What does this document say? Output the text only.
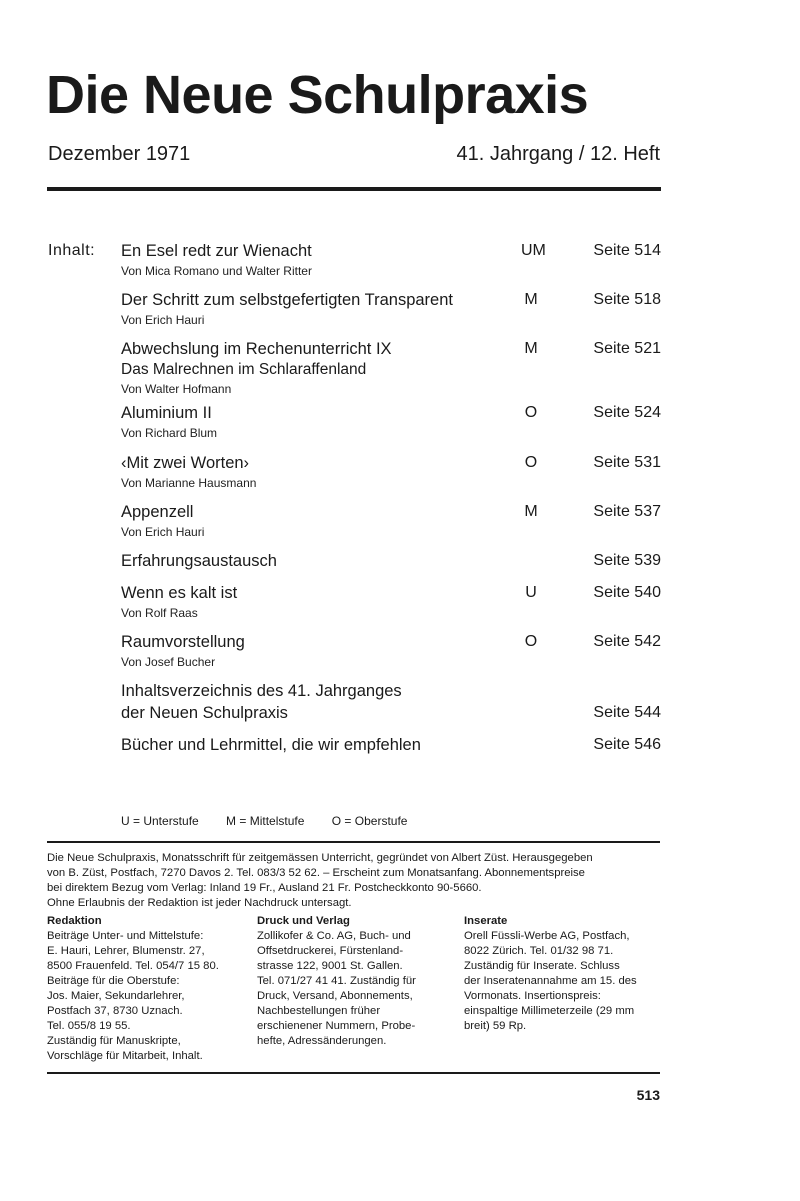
Die Neue Schulpraxis
Dezember 1971	41. Jahrgang / 12. Heft
Inhalt: En Esel redt zur Wienacht	UM	Seite 514
Von Mica Romano und Walter Ritter
Der Schritt zum selbstgefertigten Transparent	M	Seite 518
Von Erich Hauri
Abwechslung im Rechenunterricht IX	M	Seite 521
Das Malrechnen im Schlaraffenland
Von Walter Hofmann
Aluminium II	O	Seite 524
Von Richard Blum
‹Mit zwei Worten›	O	Seite 531
Von Marianne Hausmann
Appenzell	M	Seite 537
Von Erich Hauri
Erfahrungsaustausch	Seite 539
Wenn es kalt ist	U	Seite 540
Von Rolf Raas
Raumvorstellung	O	Seite 542
Von Josef Bucher
Inhaltsverzeichnis des 41. Jahrganges
der Neuen Schulpraxis	Seite 544
Bücher und Lehrmittel, die wir empfehlen	Seite 546
U = Unterstufe M = Mittelstufe O = Oberstufe

Die Neue Schulpraxis, Monatsschrift für zeitgemässen Unterricht, gegründet von Albert Züst. Herausgegeben

von B. Züst, Postfach, 7270 Davos 2. Tel. 083/3 52 62. – Erscheint zum Monatsanfang. Abonnementspreise

bei direktem Bezug vom Verlag: Inland 19 Fr., Ausland 21 Fr. Postcheckkonto 90-5660.

Ohne Erlaubnis der Redaktion ist jeder Nachdruck untersagt.

Redaktion

Beiträge Unter- und Mittelstufe:

E. Hauri, Lehrer, Blumenstr. 27,

8500 Frauenfeld. Tel. 054/7 15 80.

Beiträge für die Oberstufe:

Jos. Maier, Sekundarlehrer,

Postfach 37, 8730 Uznach.

Tel. 055/8 19 55.

Zuständig für Manuskripte,

Vorschläge für Mitarbeit, Inhalt.

Druck und Verlag

Zollikofer & Co. AG, Buch- und

Offsetdruckerei, Fürstenland-

strasse 122, 9001 St. Gallen.

Tel. 071/27 41 41. Zuständig für

Druck, Versand, Abonnements,

Nachbestellungen früher

erschienener Nummern, Probe-

hefte, Adressänderungen.

Inserate

Orell Füssli-Werbe AG, Postfach,

8022 Zürich. Tel. 01/32 98 71.

Zuständig für Inserate. Schluss

der Inseratenannahme am 15. des

Vormonats. Insertionspreis:

einspaltige Millimeterzeile (29 mm

breit) 59 Rp.

513
